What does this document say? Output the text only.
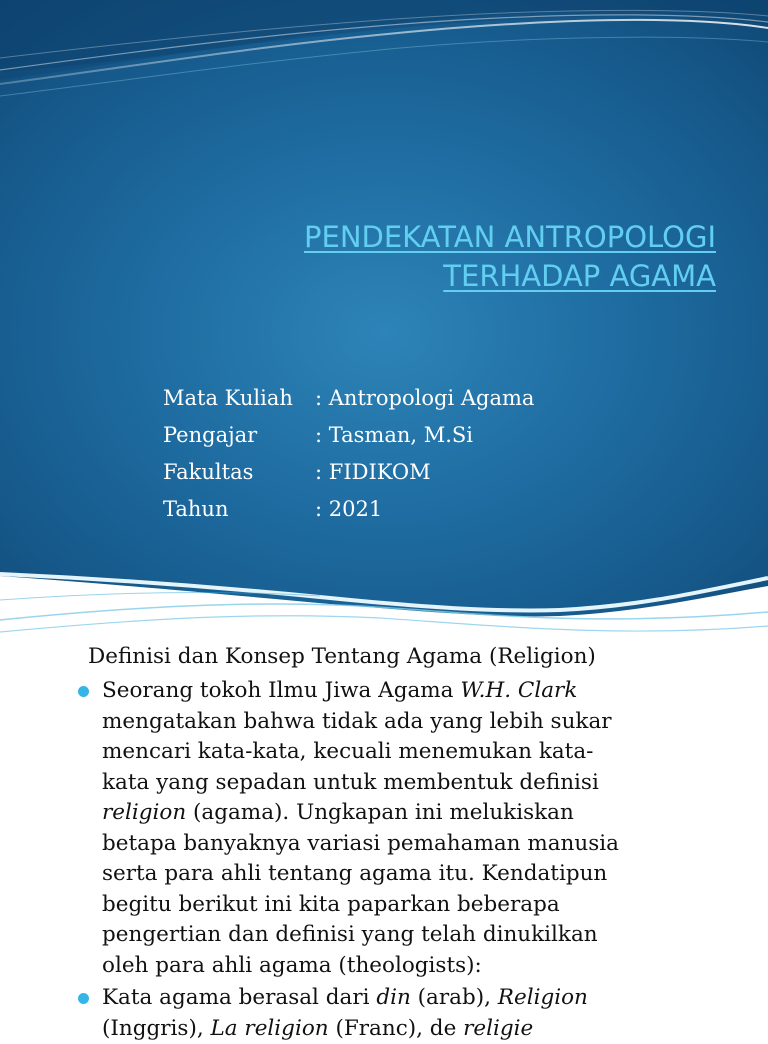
PENDEKATAN ANTROPOLOGI
TERHADAP AGAMA
Mata Kuliah	: Antropologi Agama
Pengajar	: Tasman, M.Si
Fakultas	: FIDIKOM
Tahun	: 2021
Definisi dan Konsep Tentang Agama (Religion)
Seorang tokoh Ilmu Jiwa Agama W.H. Clark
mengatakan bahwa tidak ada yang lebih sukar
mencari kata-kata, kecuali menemukan kata-
kata yang sepadan untuk membentuk definisi
religion (agama). Ungkapan ini melukiskan
betapa banyaknya variasi pemahaman manusia
serta para ahli tentang agama itu. Kendatipun
begitu berikut ini kita paparkan beberapa
pengertian dan definisi yang telah dinukilkan
oleh para ahli agama (theologists):
Kata agama berasal dari din (arab), Religion
(Inggris), La religion (Franc), de religie
